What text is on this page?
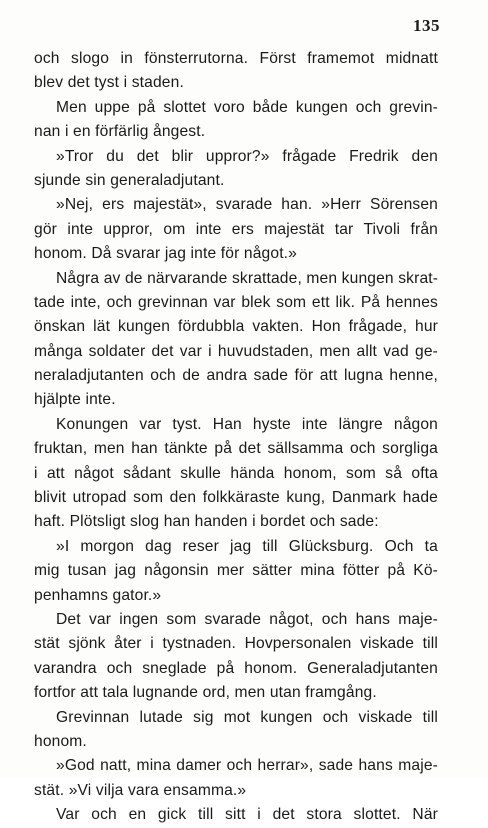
135
och slogo in fönsterrutorna. Först framemot midnatt
blev det tyst i staden.
Men uppe på slottet voro både kungen och grevin-
nan i en förfärlig ångest.
»Tror du det blir uppror?» frågade Fredrik den
sjunde sin generaladjutant.
»Nej, ers majestät», svarade han. »Herr Sörensen
gör inte uppror, om inte ers majestät tar Tivoli från
honom. Då svarar jag inte för något.»
Några av de närvarande skrattade, men kungen skrat-
tade inte, och grevinnan var blek som ett lik. På hennes
önskan lät kungen fördubbla vakten. Hon frågade, hur
många soldater det var i huvudstaden, men allt vad ge-
neraladjutanten och de andra sade för att lugna henne,
hjälpte inte.
Konungen var tyst. Han hyste inte längre någon
fruktan, men han tänkte på det sällsamma och sorgliga
i att något sådant skulle hända honom, som så ofta
blivit utropad som den folkkäraste kung, Danmark hade
haft. Plötsligt slog han handen i bordet och sade:
»I morgon dag reser jag till Glücksburg. Och ta
mig tusan jag någonsin mer sätter mina fötter på Kö-
penhamns gator.»
Det var ingen som svarade något, och hans maje-
stät sjönk åter i tystnaden. Hovpersonalen viskade till
varandra och sneglade på honom. Generaladjutanten
fortfor att tala lugnande ord, men utan framgång.
Grevinnan lutade sig mot kungen och viskade till
honom.
»God natt, mina damer och herrar», sade hans maje-
stät. »Vi vilja vara ensamma.»
Var och en gick till sitt i det stora slottet. När
